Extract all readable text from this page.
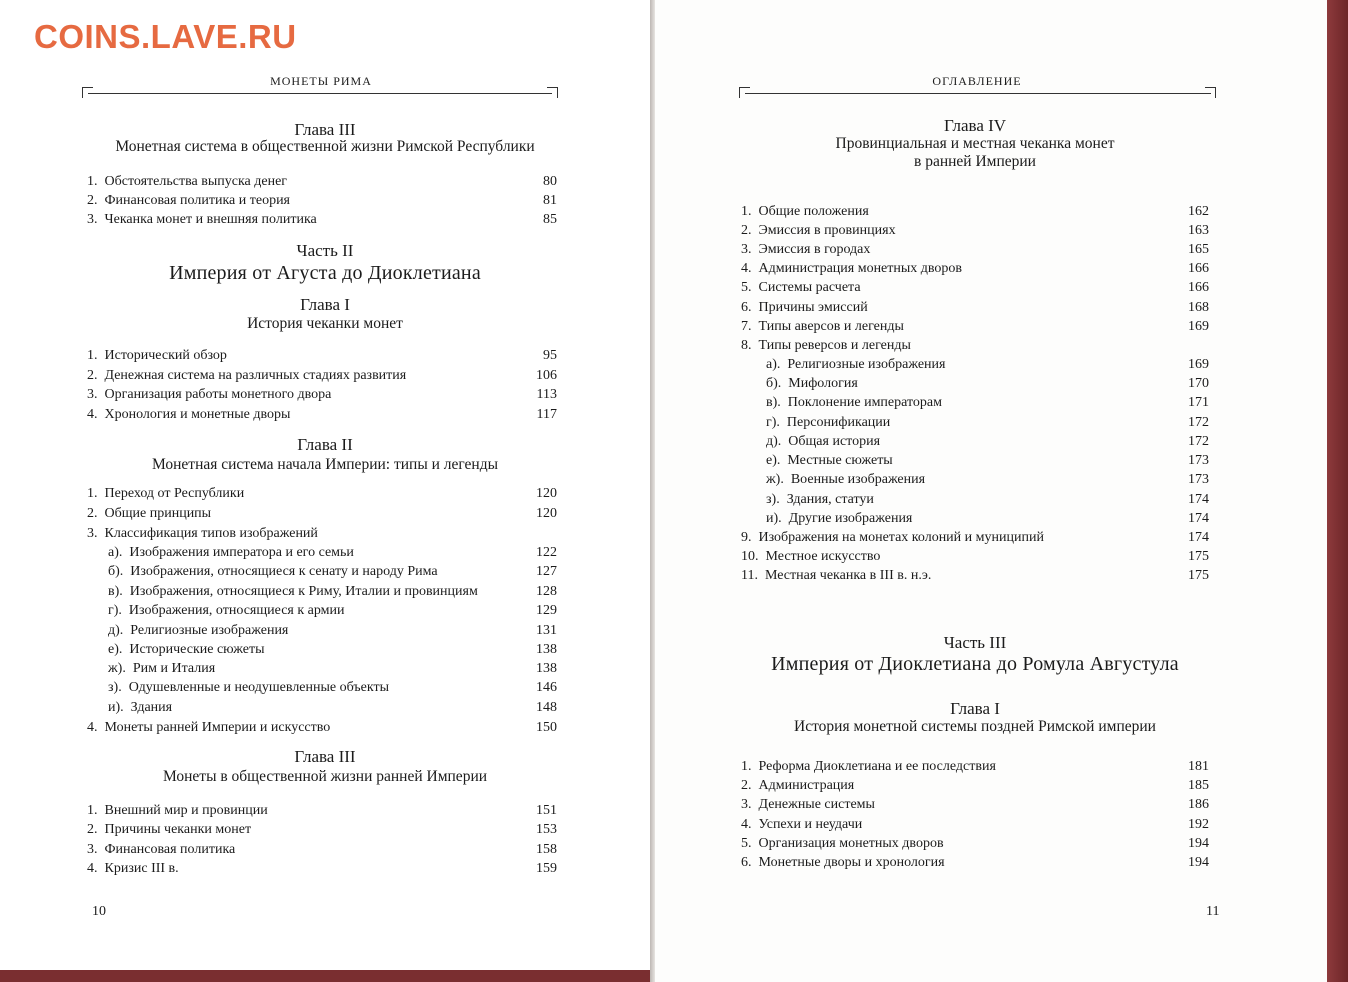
COINS.LAVE.RU
МОНЕТЫ РИМА	ОГЛАВЛЕНИЕ
Глава III
Монетная система в общественной жизни Римской Республики
1. Обстоятельства выпуска денег	80
2. Финансовая политика и теория	81
3. Чеканка монет и внешняя политика	85
Часть II
Империя от Агуста до Диоклетиана
Глава I
История чеканки монет
1. Исторический обзор	95
2. Денежная система на различных стадиях развития	106
3. Организация работы монетного двора	113
4. Хронология и монетные дворы	117
Глава II
Монетная система начала Империи: типы и легенды
1. Переход от Республики	120
2. Общие принципы	120
3. Классификация типов изображений
а). Изображения императора и его семьи	122
б). Изображения, относящиеся к сенату и народу Рима	127
в). Изображения, относящиеся к Риму, Италии и провинциям	128
г). Изображения, относящиеся к армии	129
д). Религиозные изображения	131
е). Исторические сюжеты	138
ж). Рим и Италия	138
з). Одушевленные и неодушевленные объекты	146
и). Здания	148
4. Монеты ранней Империи и искусство	150
Глава III
Монеты в общественной жизни ранней Империи
1. Внешний мир и провинции	151
2. Причины чеканки монет	153
3. Финансовая политика	158
4. Кризис III в.	159
Глава IV
Провинциальная и местная чеканка монет
в ранней Империи
1. Общие положения	162
2. Эмиссия в провинциях	163
3. Эмиссия в городах	165
4. Администрация монетных дворов	166
5. Системы расчета	166
6. Причины эмиссий	168
7. Типы аверсов и легенды	169
8. Типы реверсов и легенды
а). Религиозные изображения	169
б). Мифология	170
в). Поклонение императорам	171
г). Персонификации	172
д). Общая история	172
е). Местные сюжеты	173
ж). Военные изображения	173
з). Здания, статуи	174
и). Другие изображения	174
9. Изображения на монетах колоний и муниципий	174
10. Местное искусство	175
11. Местная чеканка в III в. н.э.	175
Часть III
Империя от Диоклетиана до Ромула Августула
Глава I
История монетной системы поздней Римской империи
1. Реформа Диоклетиана и ее последствия	181
2. Администрация	185
3. Денежные системы	186
4. Успехи и неудачи	192
5. Организация монетных дворов	194
6. Монетные дворы и хронология	194
10	11
